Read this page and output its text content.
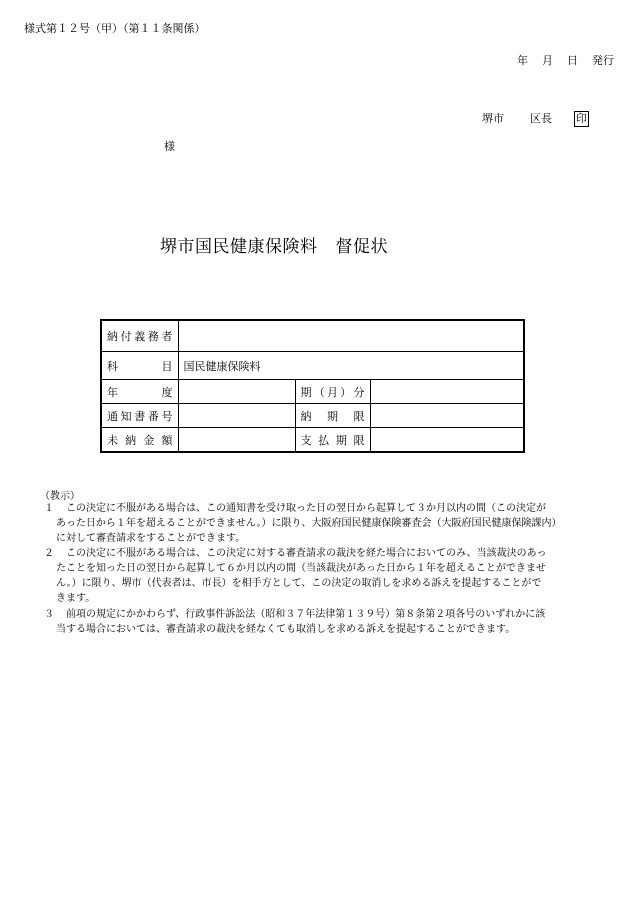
様式第１２号（甲）（第１１条関係）
年 月 日 発行
堺市 区長 印
様
堺市国民健康保険料 督促状
納付義務者			
科　目	国民健康保険料		
年　度		期（月）分	
通知書番号		納　期　限	
未納金額		支払期限	
（教示）
１	この決定に不服がある場合は、この通知書を受け取った日の翌日から起算して３か月以内の間（この決定が
あった日から１年を超えることができません。）に限り、大阪府国民健康保険審査会（大阪府国民健康保険課内）
に対して審査請求をすることができます。
２	この決定に不服がある場合は、この決定に対する審査請求の裁決を経た場合においてのみ、当該裁決のあっ
たことを知った日の翌日から起算して６か月以内の間（当該裁決があった日から１年を超えることができませ
ん。）に限り、堺市（代表者は、市長）を相手方として、この決定の取消しを求める訴えを提起することがで
きます。
３	前項の規定にかかわらず、行政事件訴訟法（昭和３７年法律第１３９号）第８条第２項各号のいずれかに該
当する場合においては、審査請求の裁決を経なくても取消しを求める訴えを提起することができます。
